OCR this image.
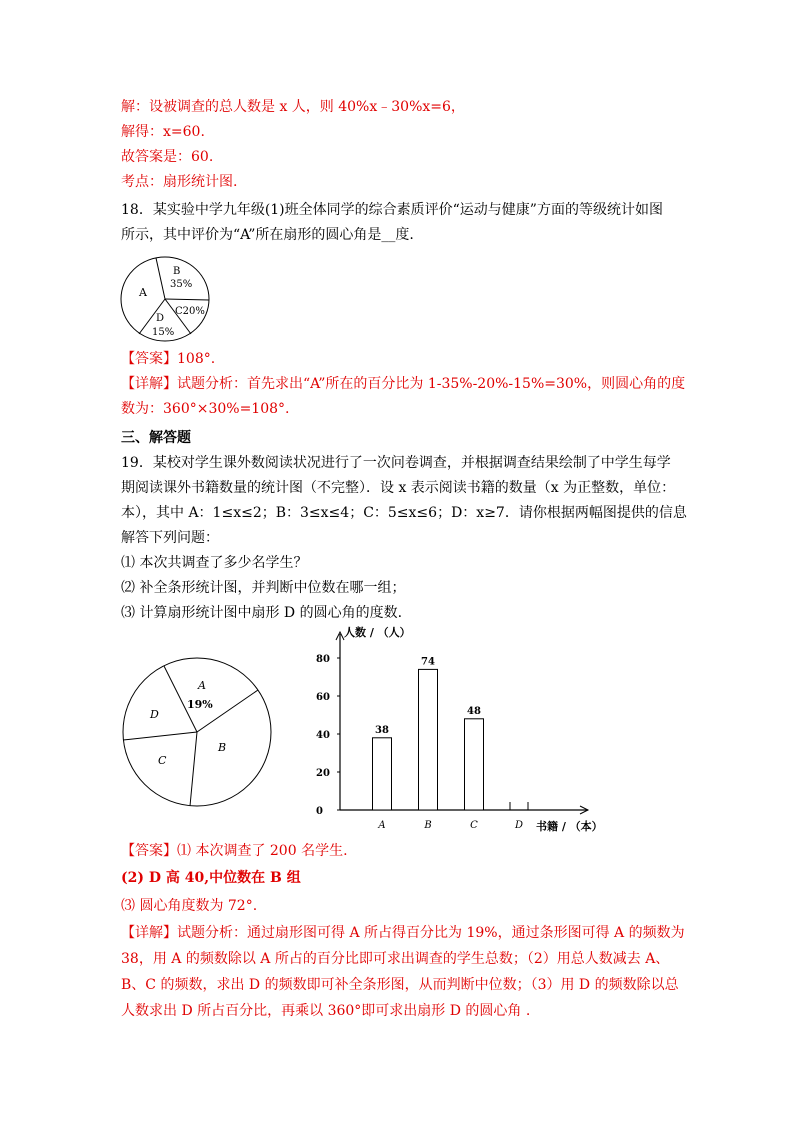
解：设被调查的总人数是 x 人，则 40%x﹣30%x=6，
解得：x=60.
故答案是：60.
考点：扇形统计图.
18．某实验中学九年级(1)班全体同学的综合素质评价“运动与健康”方面的等级统计如图
所示，其中评价为“A”所在扇形的圆心角是__度.
A
B
35%
C20%
D
15%
【答案】108°.
【详解】试题分析：首先求出“A”所在的百分比为 1-35%-20%-15%=30%，则圆心角的度
数为：360°×30%=108°.
三、解答题
19．某校对学生课外数阅读状况进行了一次问卷调查，并根据调查结果绘制了中学生每学
期阅读课外书籍数量的统计图（不完整）．设 x 表示阅读书籍的数量（x 为正整数，单位：
本），其中 A：1≤x≤2；B：3≤x≤4；C：5≤x≤6；D：x≥7．请你根据两幅图提供的信息
解答下列问题：
⑴ 本次共调查了多少名学生？
⑵ 补全条形统计图，并判断中位数在哪一组；
⑶ 计算扇形统计图中扇形 D 的圆心角的度数.
A
19%
B
C
D
人数 / （人）
书籍 / （本）
0
20
40
60
80
38
A
74
B
48
C	D
【答案】⑴ 本次调查了 200 名学生.
(2) D 高 40,中位数在 B 组
⑶ 圆心角度数为 72°.
【详解】试题分析：通过扇形图可得 A 所占得百分比为 19%，通过条形图可得 A 的频数为
38，用 A 的频数除以 A 所占的百分比即可求出调查的学生总数；（2）用总人数减去 A、
B、C 的频数，求出 D 的频数即可补全条形图，从而判断中位数；（3）用 D 的频数除以总
人数求出 D 所占百分比，再乘以 360°即可求出扇形 D 的圆心角 .
